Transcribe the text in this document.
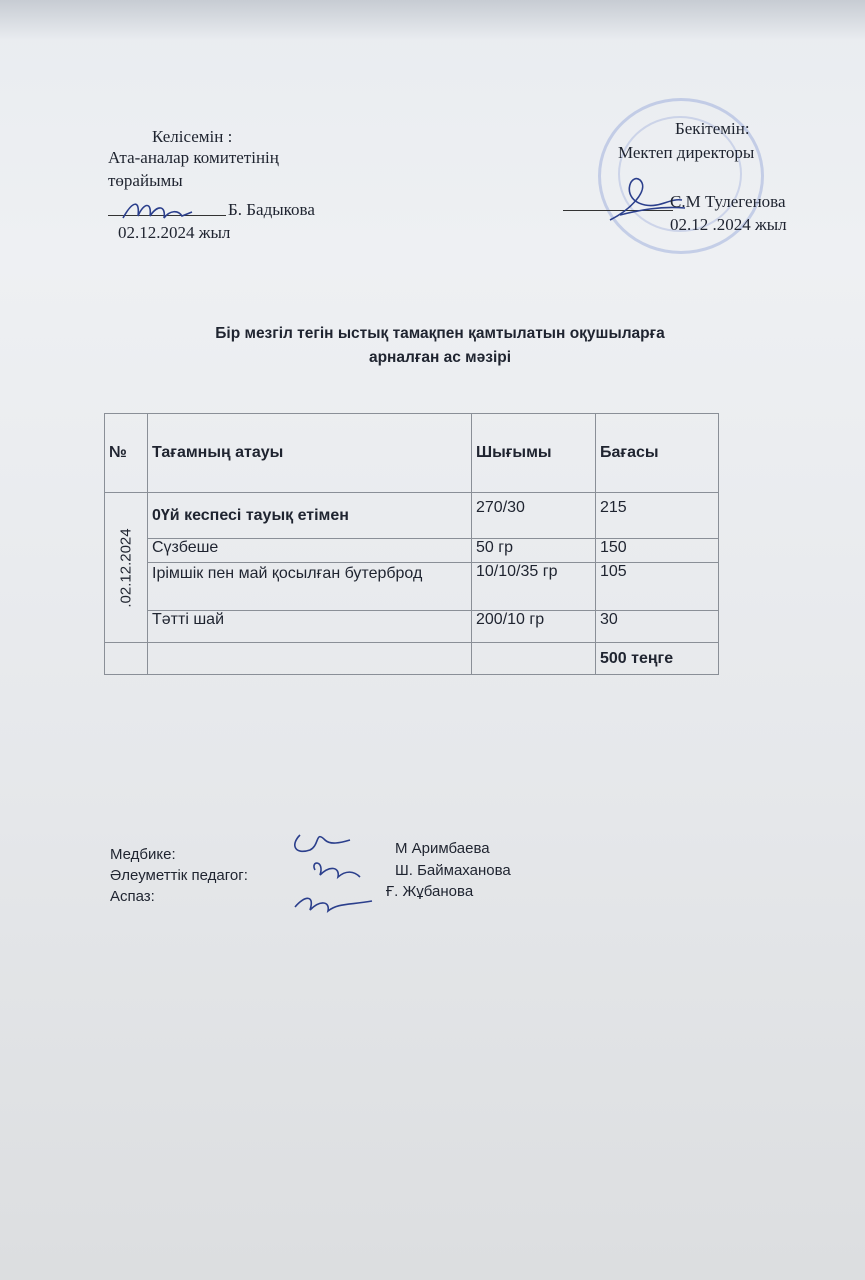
Келісемін :
Ата-аналар комитетінің
төрайымы
Б. Бадыкова
02.12.2024 жыл
Бекітемін:
Мектеп директоры
С.М Тулегенова
02.12 .2024 жыл
Бір мезгіл тегін ыстық тамақпен қамтылатын оқушыларға
арналған ас мәзірі
№	Тағамның атауы	Шығымы	Бағасы

.02.12.2024	0Үй кеспесі тауық етімен	270/30	215
	Сүзбеше	50 гр	150
	Ірімшік пен май қосылған бутерброд	10/10/35 гр	105
	Тәтті шай	200/10 гр	30
			500 теңге
Медбике:
Әлеуметтік педагог:
Аспаз:
М Аримбаева
Ш. Баймаханова
Ғ. Жұбанова
